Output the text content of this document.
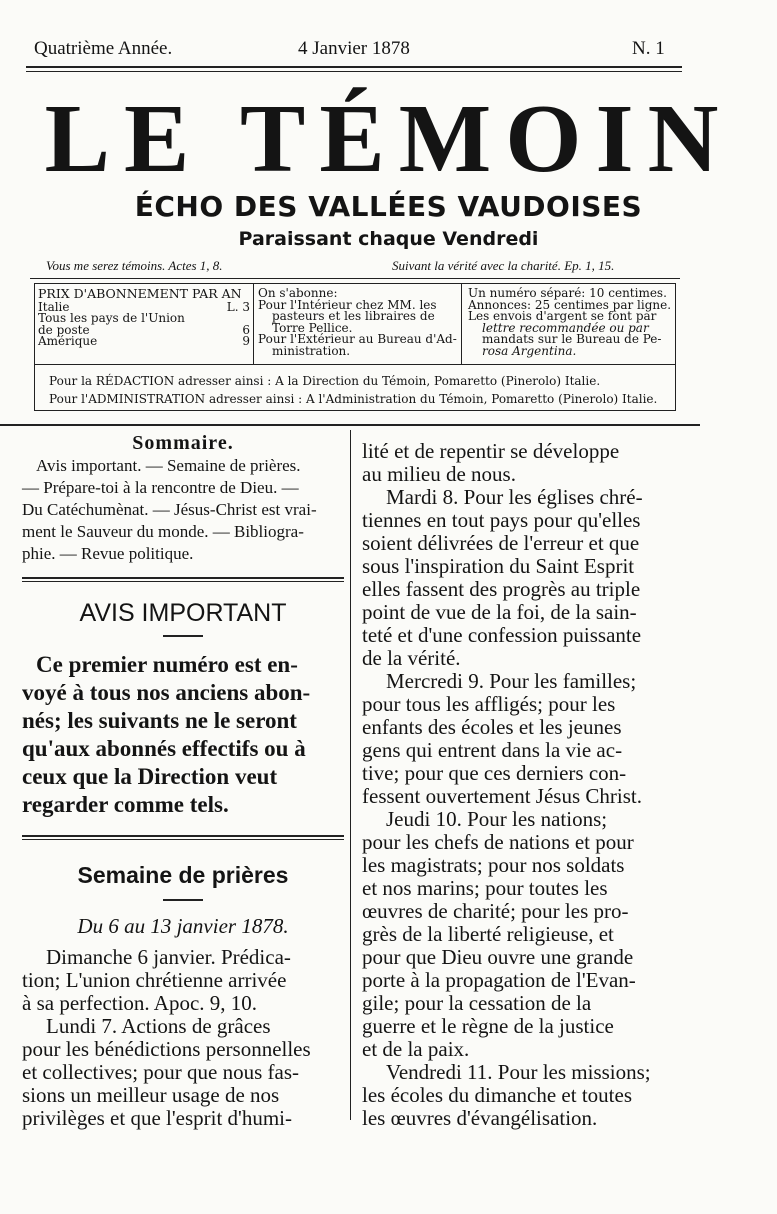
Quatrième Année.	4 Janvier 1878	N. 1
LE TÉMOIN
ÉCHO DES VALLÉES VAUDOISES
Paraissant chaque Vendredi
Vous me serez témoins. Actes 1, 8.	Suivant la vérité avec la charité. Ep. 1, 15.
PRIX D'ABONNEMENT PAR AN
Italie	L. 3
Tous les pays de l'Union de poste	6
Amérique	9
On s'abonne:
Pour l'Intérieur chez MM. les
pasteurs et les libraires de
Torre Pellice.
Pour l'Extérieur au Bureau d'Ad-
ministration.
Un numéro séparé: 10 centimes.
Annonces: 25 centimes par ligne.
Les envois d'argent se font par
lettre recommandée ou par
mandats sur le Bureau de Pe-
rosa Argentina.
Pour la RÉDACTION adresser ainsi : A la Direction du Témoin, Pomaretto (Pinerolo) Italie.
Pour l'ADMINISTRATION adresser ainsi : A l'Administration du Témoin, Pomaretto (Pinerolo) Italie.

Sommaire.

Avis important. — Semaine de prières.
— Prépare-toi à la rencontre de Dieu. —
Du Catéchumènat. — Jésus-Christ est vrai-
ment le Sauveur du monde. — Bibliogra-
phie. — Revue politique.

AVIS IMPORTANT

Ce premier numéro est en-
voyé à tous nos anciens abon-
nés; les suivants ne le seront
qu'aux abonnés effectifs ou à
ceux que la Direction veut
regarder comme tels.

Semaine de prières

Du 6 au 13 janvier 1878.

Dimanche 6 janvier. Prédica-
tion; L'union chrétienne arrivée
à sa perfection. Apoc. 9, 10.
Lundi 7. Actions de grâces
pour les bénédictions personnelles
et collectives; pour que nous fas-
sions un meilleur usage de nos
privilèges et que l'esprit d'humi-
lité et de repentir se développe
au milieu de nous.
Mardi 8. Pour les églises chré-
tiennes en tout pays pour qu'elles
soient délivrées de l'erreur et que
sous l'inspiration du Saint Esprit
elles fassent des progrès au triple
point de vue de la foi, de la sain-
teté et d'une confession puissante
de la vérité.
Mercredi 9. Pour les familles;
pour tous les affligés; pour les
enfants des écoles et les jeunes
gens qui entrent dans la vie ac-
tive; pour que ces derniers con-
fessent ouvertement Jésus Christ.
Jeudi 10. Pour les nations;
pour les chefs de nations et pour
les magistrats; pour nos soldats
et nos marins; pour toutes les
œuvres de charité; pour les pro-
grès de la liberté religieuse, et
pour que Dieu ouvre une grande
porte à la propagation de l'Evan-
gile; pour la cessation de la
guerre et le règne de la justice
et de la paix.
Vendredi 11. Pour les missions;
les écoles du dimanche et toutes
les œuvres d'évangélisation.
